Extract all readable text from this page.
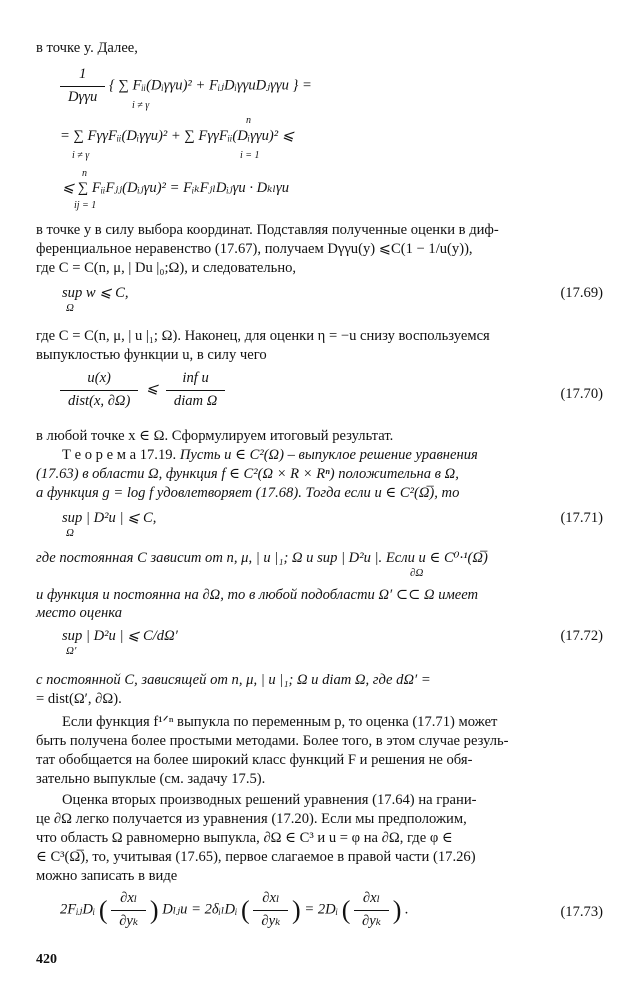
в точке y. Далее,
$\frac{1}{\text{Dγγu}}$ { ∑ Fᵢᵢ(Dᵢγγu)² + FᵢⱼDᵢγγuDⱼγγu } =
i ≠ γ
= ∑ FγγFᵢᵢ(Dᵢγγu)² + ∑ FγγFᵢᵢ(Dᵢγγu)² ⩽
n
i ≠ γ	i = 1
⩽ ∑ FᵢᵢFⱼⱼ(Dᵢⱼγu)² = FᵢₖFⱼₗDᵢⱼγu · Dₖₗγu
n
ij = 1
в точке y в силу выбора координат. Подставляя полученные оценки в диф-
ференциальное неравенство (17.67), получаем Dγγu(y) ⩽C(1 − 1/u(y)),
где C = C(n, μ, | Du |₀;Ω), и следовательно,
sup w ⩽ C,
Ω
(17.69)
где C = C(n, μ, | u |₁; Ω). Наконец, для оценки η = −u снизу воспользуемся
выпуклостью функции u, в силу чего
$\frac{u(x)}{\text{dist(x, ∂Ω)}}$ ⩽ $\frac{\text{inf u}}{\text{diam Ω}}$	(17.70)
в любой точке x ∈ Ω. Сформулируем итоговый результат.
Т е о р е м а 17.19. Пусть u ∈ C²(Ω) – выпуклое решение уравнения
(17.63) в области Ω, функция f ∈ C²(Ω × R × Rⁿ) положительна в Ω,
а функция g = log f удовлетворяет (17.68). Тогда если u ∈ C²(Ω̅), то
sup | D²u | ⩽ C,
Ω
(17.71)
где постоянная C зависит от n, μ, | u |₁; Ω и sup | D²u |. Если u ∈ C⁰·¹(Ω̅)
∂Ω
и функция u постоянна на ∂Ω, то в любой подобласти Ω′ ⊂⊂ Ω имеет
место оценка
sup | D²u | ⩽ C/dΩ′
Ω′
(17.72)
с постоянной C, зависящей от n, μ, | u |₁; Ω и diam Ω, где dΩ′ =
= dist(Ω′, ∂Ω).
Если функция f¹ᐟⁿ выпукла по переменным p, то оценка (17.71) может
быть получена более простыми методами. Более того, в этом случае резуль-
тат обобщается на более широкий класс функций F и решения не обя-
зательно выпуклые (см. задачу 17.5).
Оценка вторых производных решений уравнения (17.64) на грани-
це ∂Ω легко получается из уравнения (17.20). Если мы предположим,
что область Ω равномерно выпукла, ∂Ω ∈ C³ и u = φ на ∂Ω, где φ ∈
∈ C³(Ω̅), то, учитывая (17.65), первое слагаемое в правой части (17.26)
можно записать в виде
2FᵢⱼDᵢ ( $\frac{\text{∂xₗ}}{\text{∂yₖ}}$ ) Dₗⱼu = 2δᵢₗDᵢ ( $\frac{\text{∂xₗ}}{\text{∂yₖ}}$ ) = 2Dᵢ ( $\frac{\text{∂xₗ}}{\text{∂yₖ}}$ ) .	(17.73)
420
